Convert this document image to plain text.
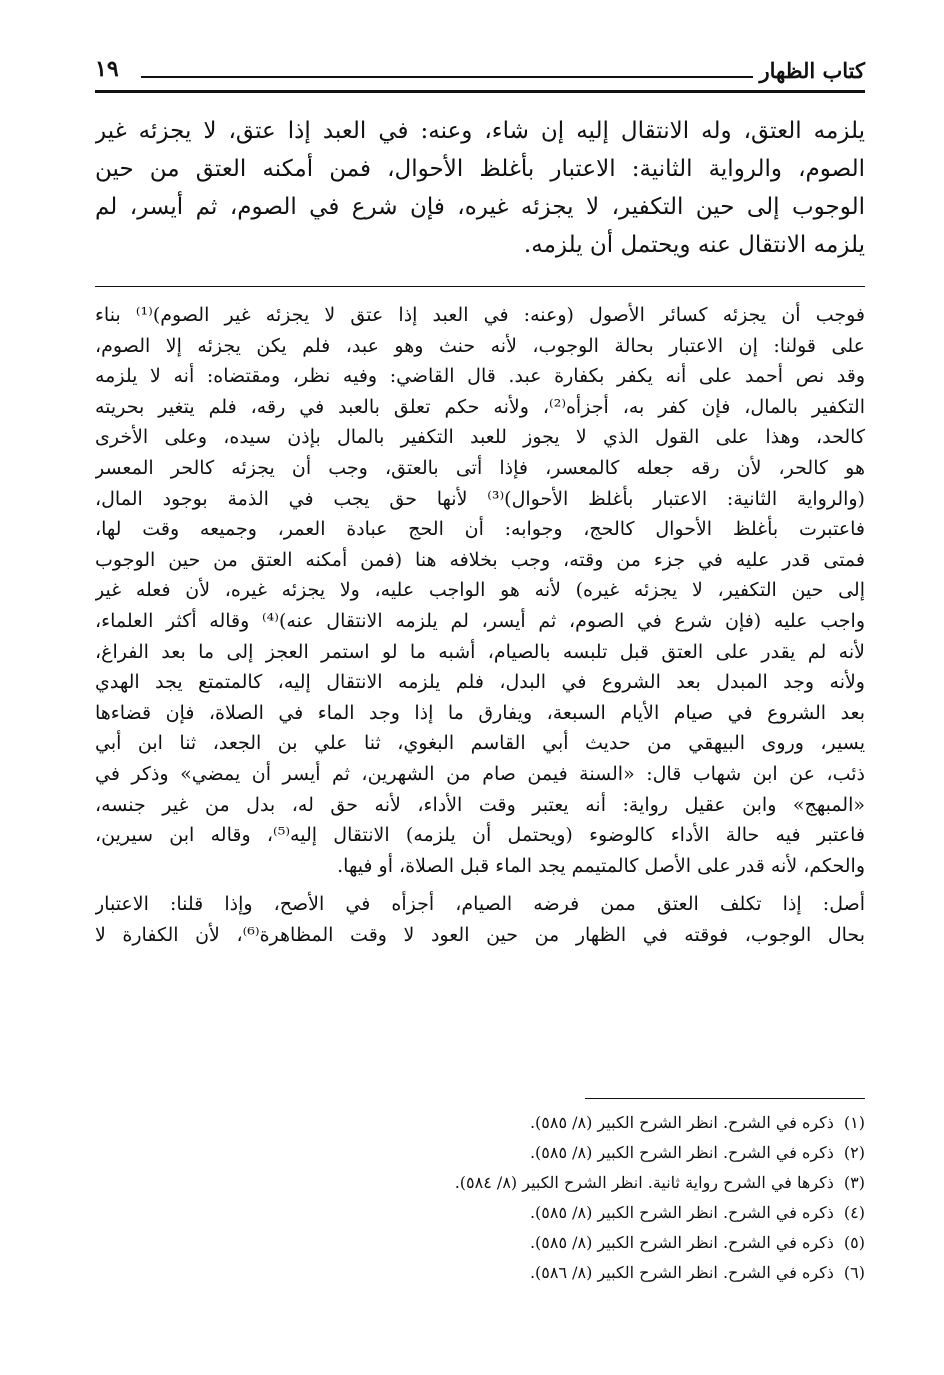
كتاب الظهار
١٩
يلزمه العتق، وله الانتقال إليه إن شاء، وعنه: في العبد إذا عتق، لا يجزئه غير
الصوم، والرواية الثانية: الاعتبار بأغلظ الأحوال، فمن أمكنه العتق من حين
الوجوب إلى حين التكفير، لا يجزئه غيره، فإن شرع في الصوم، ثم أيسر، لم
يلزمه الانتقال عنه ويحتمل أن يلزمه.
فوجب أن يجزئه كسائر الأصول (وعنه: في العبد إذا عتق لا يجزئه غير الصوم)⁽¹⁾ بناء
على قولنا: إن الاعتبار بحالة الوجوب، لأنه حنث وهو عبد، فلم يكن يجزئه إلا الصوم،
وقد نص أحمد على أنه يكفر بكفارة عبد. قال القاضي: وفيه نظر، ومقتضاه: أنه لا يلزمه
التكفير بالمال، فإن كفر به، أجزأه⁽²⁾، ولأنه حكم تعلق بالعبد في رقه، فلم يتغير بحريته
كالحد، وهذا على القول الذي لا يجوز للعبد التكفير بالمال بإذن سيده، وعلى الأخرى
هو كالحر، لأن رقه جعله كالمعسر، فإذا أتى بالعتق، وجب أن يجزئه كالحر المعسر
(والرواية الثانية: الاعتبار بأغلظ الأحوال)⁽³⁾ لأنها حق يجب في الذمة بوجود المال،
فاعتبرت بأغلظ الأحوال كالحج، وجوابه: أن الحج عبادة العمر، وجميعه وقت لها،
فمتى قدر عليه في جزء من وقته، وجب بخلافه هنا (فمن أمكنه العتق من حين الوجوب
إلى حين التكفير، لا يجزئه غيره) لأنه هو الواجب عليه، ولا يجزئه غيره، لأن فعله غير
واجب عليه (فإن شرع في الصوم، ثم أيسر، لم يلزمه الانتقال عنه)⁽⁴⁾ وقاله أكثر العلماء،
لأنه لم يقدر على العتق قبل تلبسه بالصيام، أشبه ما لو استمر العجز إلى ما بعد الفراغ،
ولأنه وجد المبدل بعد الشروع في البدل، فلم يلزمه الانتقال إليه، كالمتمتع يجد الهدي
بعد الشروع في صيام الأيام السبعة، ويفارق ما إذا وجد الماء في الصلاة، فإن قضاءها
يسير، وروى البيهقي من حديث أبي القاسم البغوي، ثنا علي بن الجعد، ثنا ابن أبي
ذئب، عن ابن شهاب قال: «السنة فيمن صام من الشهرين، ثم أيسر أن يمضي» وذكر في
«المبهج» وابن عقيل رواية: أنه يعتبر وقت الأداء، لأنه حق له، بدل من غير جنسه،
فاعتبر فيه حالة الأداء كالوضوء (ويحتمل أن يلزمه) الانتقال إليه⁽⁵⁾، وقاله ابن سيرين،
والحكم، لأنه قدر على الأصل كالمتيمم يجد الماء قبل الصلاة، أو فيها.
أصل: إذا تكلف العتق ممن فرضه الصيام، أجزأه في الأصح، وإذا قلنا: الاعتبار
بحال الوجوب، فوقته في الظهار من حين العود لا وقت المظاهرة⁽⁶⁾، لأن الكفارة لا
(١)ذكره في الشرح. انظر الشرح الكبير (٨/ ٥٨٥).
(٢)ذكره في الشرح. انظر الشرح الكبير (٨/ ٥٨٥).
(٣)ذكرها في الشرح رواية ثانية. انظر الشرح الكبير (٨/ ٥٨٤).
(٤)ذكره في الشرح. انظر الشرح الكبير (٨/ ٥٨٥).
(٥)ذكره في الشرح. انظر الشرح الكبير (٨/ ٥٨٥).
(٦)ذكره في الشرح. انظر الشرح الكبير (٨/ ٥٨٦).
